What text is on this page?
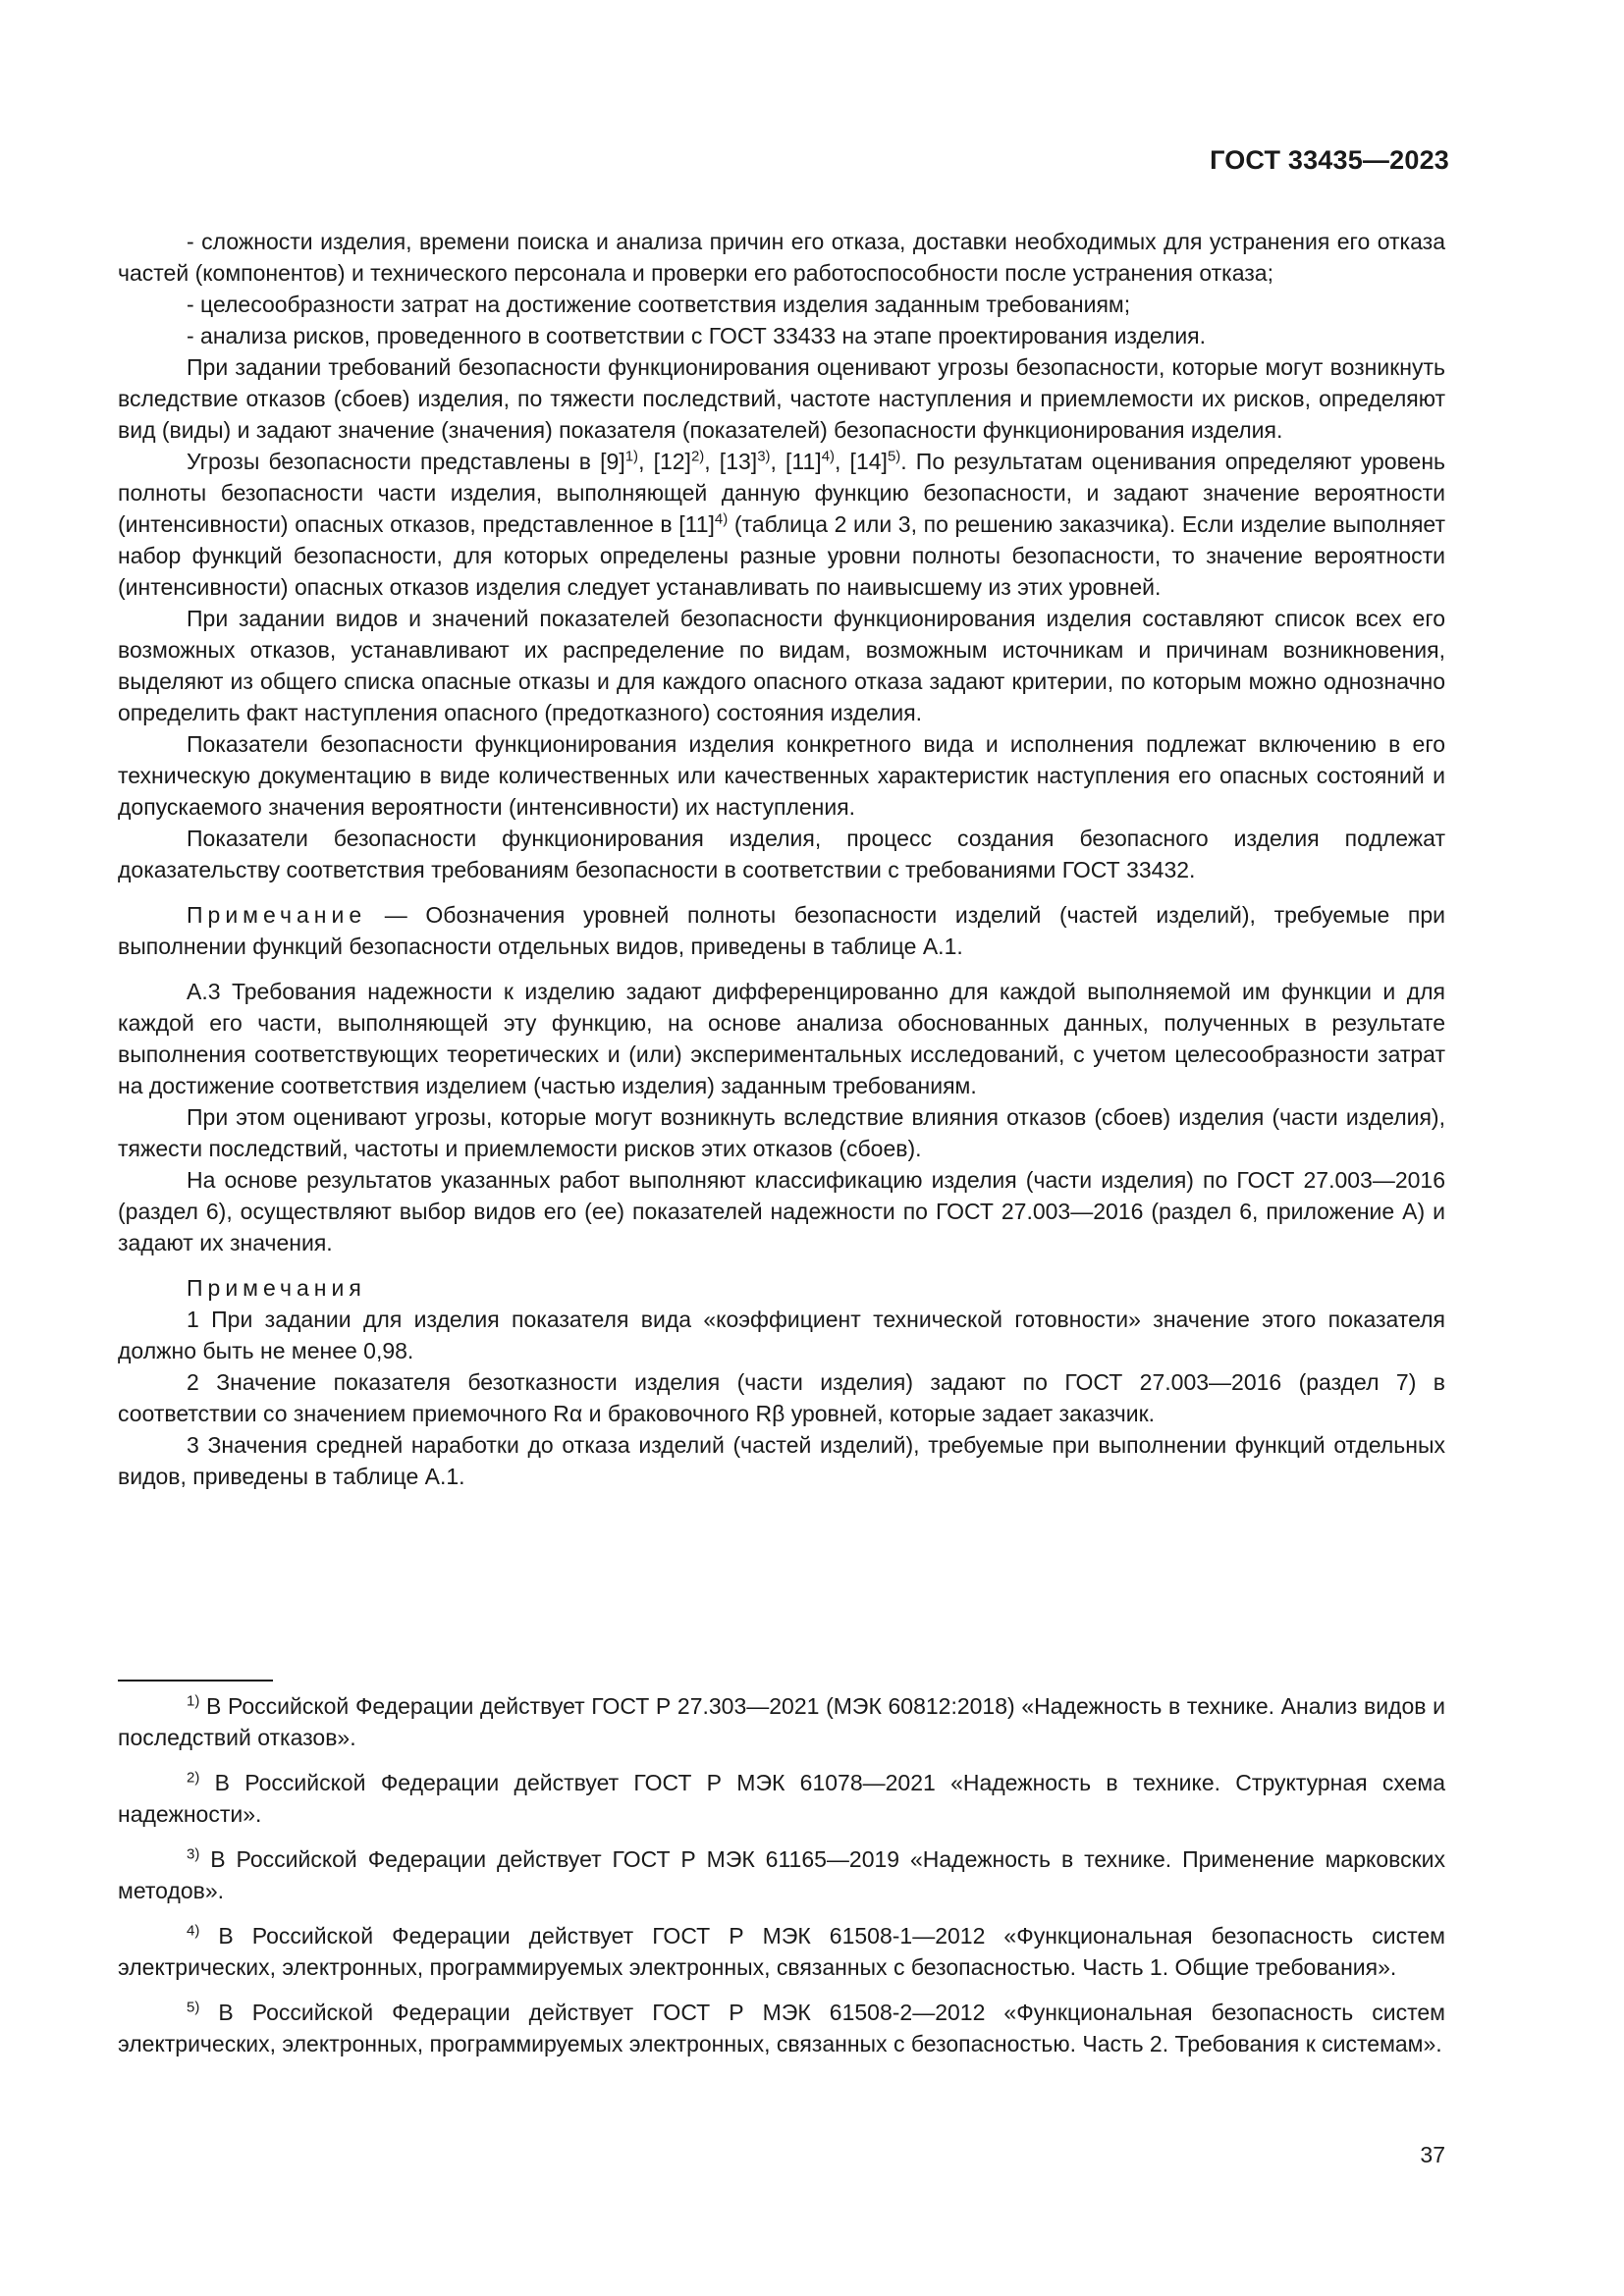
ГОСТ 33435—2023

- сложности изделия, времени поиска и анализа причин его отказа, доставки необходимых для устранения его отказа частей (компонентов) и технического персонала и проверки его работоспособности после устранения отказа;

- целесообразности затрат на достижение соответствия изделия заданным требованиям;

- анализа рисков, проведенного в соответствии с ГОСТ 33433 на этапе проектирования изделия.

При задании требований безопасности функционирования оценивают угрозы безопасности, которые могут возникнуть вследствие отказов (сбоев) изделия, по тяжести последствий, частоте наступления и приемлемости их рисков, определяют вид (виды) и задают значение (значения) показателя (показателей) безопасности функционирования изделия.

Угрозы безопасности представлены в $[9]^{1)}$, $[12]^{2)}$, $[13]^{3)}$, $[11]^{4)}$, $[14]^{5)}$. По результатам оценивания определяют уровень полноты безопасности части изделия, выполняющей данную функцию безопасности, и задают значение вероятности (интенсивности) опасных отказов, представленное в $[11]^{4)}$ (таблица 2 или 3, по решению заказчика). Если изделие выполняет набор функций безопасности, для которых определены разные уровни полноты безопасности, то значение вероятности (интенсивности) опасных отказов изделия следует устанавливать по наивысшему из этих уровней.

При задании видов и значений показателей безопасности функционирования изделия составляют список всех его возможных отказов, устанавливают их распределение по видам, возможным источникам и причинам возникновения, выделяют из общего списка опасные отказы и для каждого опасного отказа задают критерии, по которым можно однозначно определить факт наступления опасного (предотказного) состояния изделия.

Показатели безопасности функционирования изделия конкретного вида и исполнения подлежат включению в его техническую документацию в виде количественных или качественных характеристик наступления его опасных состояний и допускаемого значения вероятности (интенсивности) их наступления.

Показатели безопасности функционирования изделия, процесс создания безопасного изделия подлежат доказательству соответствия требованиям безопасности в соответствии с требованиями ГОСТ 33432.

Примечание — Обозначения уровней полноты безопасности изделий (частей изделий), требуемые при выполнении функций безопасности отдельных видов, приведены в таблице А.1.

А.3 Требования надежности к изделию задают дифференцированно для каждой выполняемой им функции и для каждой его части, выполняющей эту функцию, на основе анализа обоснованных данных, полученных в результате выполнения соответствующих теоретических и (или) экспериментальных исследований, с учетом целесообразности затрат на достижение соответствия изделием (частью изделия) заданным требованиям.

При этом оценивают угрозы, которые могут возникнуть вследствие влияния отказов (сбоев) изделия (части изделия), тяжести последствий, частоты и приемлемости рисков этих отказов (сбоев).

На основе результатов указанных работ выполняют классификацию изделия (части изделия) по ГОСТ 27.003—2016 (раздел 6), осуществляют выбор видов его (ее) показателей надежности по ГОСТ 27.003—2016 (раздел 6, приложение А) и задают их значения.

Примечания

1 При задании для изделия показателя вида «коэффициент технической готовности» значение этого показателя должно быть не менее 0,98.

2 Значение показателя безотказности изделия (части изделия) задают по ГОСТ 27.003—2016 (раздел 7) в соответствии со значением приемочного Rα и браковочного Rβ уровней, которые задает заказчик.

3 Значения средней наработки до отказа изделий (частей изделий), требуемые при выполнении функций отдельных видов, приведены в таблице А.1.

$^{1)}$ В Российской Федерации действует ГОСТ Р 27.303—2021 (МЭК 60812:2018) «Надежность в технике. Анализ видов и последствий отказов».

$^{2)}$ В Российской Федерации действует ГОСТ Р МЭК 61078—2021 «Надежность в технике. Структурная схема надежности».

$^{3)}$ В Российской Федерации действует ГОСТ Р МЭК 61165—2019 «Надежность в технике. Применение марковских методов».

$^{4)}$ В Российской Федерации действует ГОСТ Р МЭК 61508-1—2012 «Функциональная безопасность систем электрических, электронных, программируемых электронных, связанных с безопасностью. Часть 1. Общие требования».

$^{5)}$ В Российской Федерации действует ГОСТ Р МЭК 61508-2—2012 «Функциональная безопасность систем электрических, электронных, программируемых электронных, связанных с безопасностью. Часть 2. Требования к системам».

37
